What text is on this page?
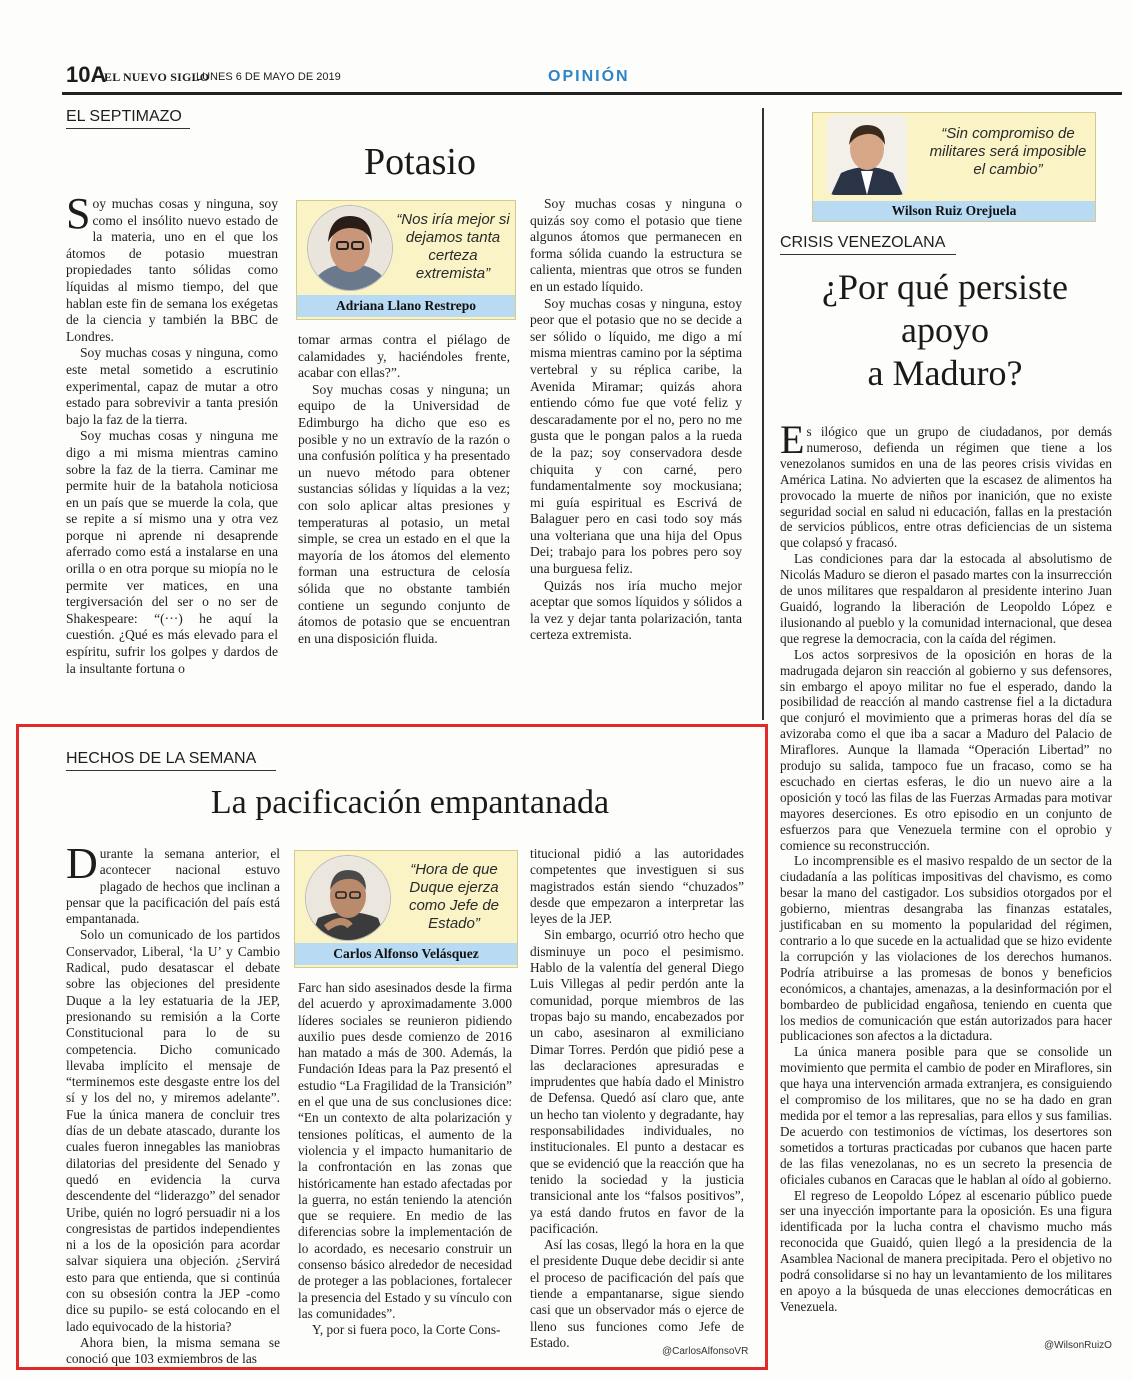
10A
EL NUEVO SIGLO
LUNES 6 DE MAYO DE 2019	OPINIÓN
EL SEPTIMAZO
Potasio

Soy muchas cosas y ninguna, soy como el insólito nuevo estado de la materia, uno en el que los átomos de potasio muestran propiedades tanto sólidas como líquidas al mismo tiempo, del que hablan este fin de semana los exégetas de la ciencia y también la BBC de Londres.

Soy muchas cosas y ninguna, como este metal sometido a escrutinio experimental, capaz de mutar a otro estado para sobrevivir a tanta presión bajo la faz de la tierra.

Soy muchas cosas y ninguna me digo a mi misma mientras camino sobre la faz de la tierra. Caminar me permite huir de la batahola noticiosa en un país que se muerde la cola, que se repite a sí mismo una y otra vez porque ni aprende ni desaprende aferrado como está a instalarse en una orilla o en otra porque su miopía no le permite ver matices, en una tergiversación del ser o no ser de Shakespeare: “(···) he aquí la cuestión. ¿Qué es más elevado para el espíritu, sufrir los golpes y dardos de la insultante fortuna o

“Nos iría mejor si dejamos tanta certeza extremista”
Adriana Llano Restrepo

tomar armas contra el piélago de calamidades y, haciéndoles frente, acabar con ellas?”.

Soy muchas cosas y ninguna; un equipo de la Universidad de Edimburgo ha dicho que eso es posible y no un extravío de la razón o una confusión política y ha presentado un nuevo método para obtener sustancias sólidas y líquidas a la vez; con solo aplicar altas presiones y temperaturas al potasio, un metal simple, se crea un estado en el que la mayoría de los átomos del elemento forman una estructura de celosía sólida que no obstante también contiene un segundo conjunto de átomos de potasio que se encuentran en una disposición fluida.

Soy muchas cosas y ninguna o quizás soy como el potasio que tiene algunos átomos que permanecen en forma sólida cuando la estructura se calienta, mientras que otros se funden en un estado líquido.

Soy muchas cosas y ninguna, estoy peor que el potasio que no se decide a ser sólido o líquido, me digo a mí misma mientras camino por la séptima vertebral y su réplica caribe, la Avenida Miramar; quizás ahora entiendo cómo fue que voté feliz y descaradamente por el no, pero no me gusta que le pongan palos a la rueda de la paz; soy conservadora desde chiquita y con carné, pero fundamentalmente soy mockusiana; mi guía espiritual es Escrivá de Balaguer pero en casi todo soy más una volteriana que una hija del Opus Dei; trabajo para los pobres pero soy una burguesa feliz.

Quizás nos iría mucho mejor aceptar que somos líquidos y sólidos a la vez y dejar tanta polarización, tanta certeza extremista.

“Sin compromiso de militares será imposible el cambio”
Wilson Ruiz Orejuela
CRISIS VENEZOLANA
¿Por qué persiste
apoyo
a Maduro?

Es ilógico que un grupo de ciudadanos, por demás numeroso, defienda un régimen que tiene a los venezolanos sumidos en una de las peores crisis vividas en América Latina. No advierten que la escasez de alimentos ha provocado la muerte de niños por inanición, que no existe seguridad social en salud ni educación, fallas en la prestación de servicios públicos, entre otras deficiencias de un sistema que colapsó y fracasó.

Las condiciones para dar la estocada al absolutismo de Nicolás Maduro se dieron el pasado martes con la insurrección de unos militares que respaldaron al presidente interino Juan Guaidó, logrando la liberación de Leopoldo López e ilusionando al pueblo y la comunidad internacional, que desea que regrese la democracia, con la caída del régimen.

Los actos sorpresivos de la oposición en horas de la madrugada dejaron sin reacción al gobierno y sus defensores, sin embargo el apoyo militar no fue el esperado, dando la posibilidad de reacción al mando castrense fiel a la dictadura que conjuró el movimiento que a primeras horas del día se avizoraba como el que iba a sacar a Maduro del Palacio de Miraflores. Aunque la llamada “Operación Libertad” no produjo su salida, tampoco fue un fracaso, como se ha escuchado en ciertas esferas, le dio un nuevo aire a la oposición y tocó las filas de las Fuerzas Armadas para motivar mayores deserciones. Es otro episodio en un conjunto de esfuerzos para que Venezuela termine con el oprobio y comience su reconstrucción.

Lo incomprensible es el masivo respaldo de un sector de la ciudadanía a las políticas impositivas del chavismo, es como besar la mano del castigador. Los subsidios otorgados por el gobierno, mientras desangraba las finanzas estatales, justificaban en su momento la popularidad del régimen, contrario a lo que sucede en la actualidad que se hizo evidente la corrupción y las violaciones de los derechos humanos. Podría atribuirse a las promesas de bonos y beneficios económicos, a chantajes, amenazas, a la desinformación por el bombardeo de publicidad engañosa, teniendo en cuenta que los medios de comunicación que están autorizados para hacer publicaciones son afectos a la dictadura.

La única manera posible para que se consolide un movimiento que permita el cambio de poder en Miraflores, sin que haya una intervención armada extranjera, es consiguiendo el compromiso de los militares, que no se ha dado en gran medida por el temor a las represalias, para ellos y sus familias. De acuerdo con testimonios de víctimas, los desertores son sometidos a torturas practicadas por cubanos que hacen parte de las filas venezolanas, no es un secreto la presencia de oficiales cubanos en Caracas que le hablan al oído al gobierno.

El regreso de Leopoldo López al escenario público puede ser una inyección importante para la oposición. Es una figura identificada por la lucha contra el chavismo mucho más reconocida que Guaidó, quien llegó a la presidencia de la Asamblea Nacional de manera precipitada. Pero el objetivo no podrá consolidarse si no hay un levantamiento de los militares en apoyo a la búsqueda de unas elecciones democráticas en Venezuela.

@WilsonRuizO
HECHOS DE LA SEMANA
La pacificación empantanada

Durante la semana anterior, el acontecer nacional estuvo plagado de hechos que inclinan a pensar que la pacificación del país está empantanada.

Solo un comunicado de los partidos Conservador, Liberal, ‘la U’ y Cambio Radical, pudo desatascar el debate sobre las objeciones del presidente Duque a la ley estatuaria de la JEP, presionando su remisión a la Corte Constitucional para lo de su competencia. Dicho comunicado llevaba implícito el mensaje de “terminemos este desgaste entre los del sí y los del no, y miremos adelante”. Fue la única manera de concluir tres días de un debate atascado, durante los cuales fueron innegables las maniobras dilatorias del presidente del Senado y quedó en evidencia la curva descendente del “liderazgo” del senador Uribe, quién no logró persuadir ni a los congresistas de partidos independientes ni a los de la oposición para acordar salvar siquiera una objeción. ¿Servirá esto para que entienda, que si continúa con su obsesión contra la JEP -como dice su pupilo- se está colocando en el lado equivocado de la historia?

Ahora bien, la misma semana se conoció que 103 exmiembros de las

“Hora de que Duque ejerza como Jefe de Estado”
Carlos Alfonso Velásquez

Farc han sido asesinados desde la firma del acuerdo y aproximadamente 3.000 líderes sociales se reunieron pidiendo auxilio pues desde comienzo de 2016 han matado a más de 300. Además, la Fundación Ideas para la Paz presentó el estudio “La Fragilidad de la Transición” en el que una de sus conclusiones dice: “En un contexto de alta polarización y tensiones políticas, el aumento de la violencia y el impacto humanitario de la confrontación en las zonas que históricamente han estado afectadas por la guerra, no están teniendo la atención que se requiere. En medio de las diferencias sobre la implementación de lo acordado, es necesario construir un consenso básico alrededor de necesidad de proteger a las poblaciones, fortalecer la presencia del Estado y su vínculo con las comunidades”.

Y, por si fuera poco, la Corte Cons-

titucional pidió a las autoridades competentes que investiguen si sus magistrados están siendo “chuzados” desde que empezaron a interpretar las leyes de la JEP.

Sin embargo, ocurrió otro hecho que disminuye un poco el pesimismo. Hablo de la valentía del general Diego Luis Villegas al pedir perdón ante la comunidad, porque miembros de las tropas bajo su mando, encabezados por un cabo, asesinaron al exmiliciano Dimar Torres. Perdón que pidió pese a las declaraciones apresuradas e imprudentes que había dado el Ministro de Defensa. Quedó así claro que, ante un hecho tan violento y degradante, hay responsabilidades individuales, no institucionales. El punto a destacar es que se evidenció que la reacción que ha tenido la sociedad y la justicia transicional ante los “falsos positivos”, ya está dando frutos en favor de la pacificación.

Así las cosas, llegó la hora en la que el presidente Duque debe decidir si ante el proceso de pacificación del país que tiende a empantanarse, sigue siendo casi que un observador más o ejerce de lleno sus funciones como Jefe de Estado.

@CarlosAlfonsoVR
